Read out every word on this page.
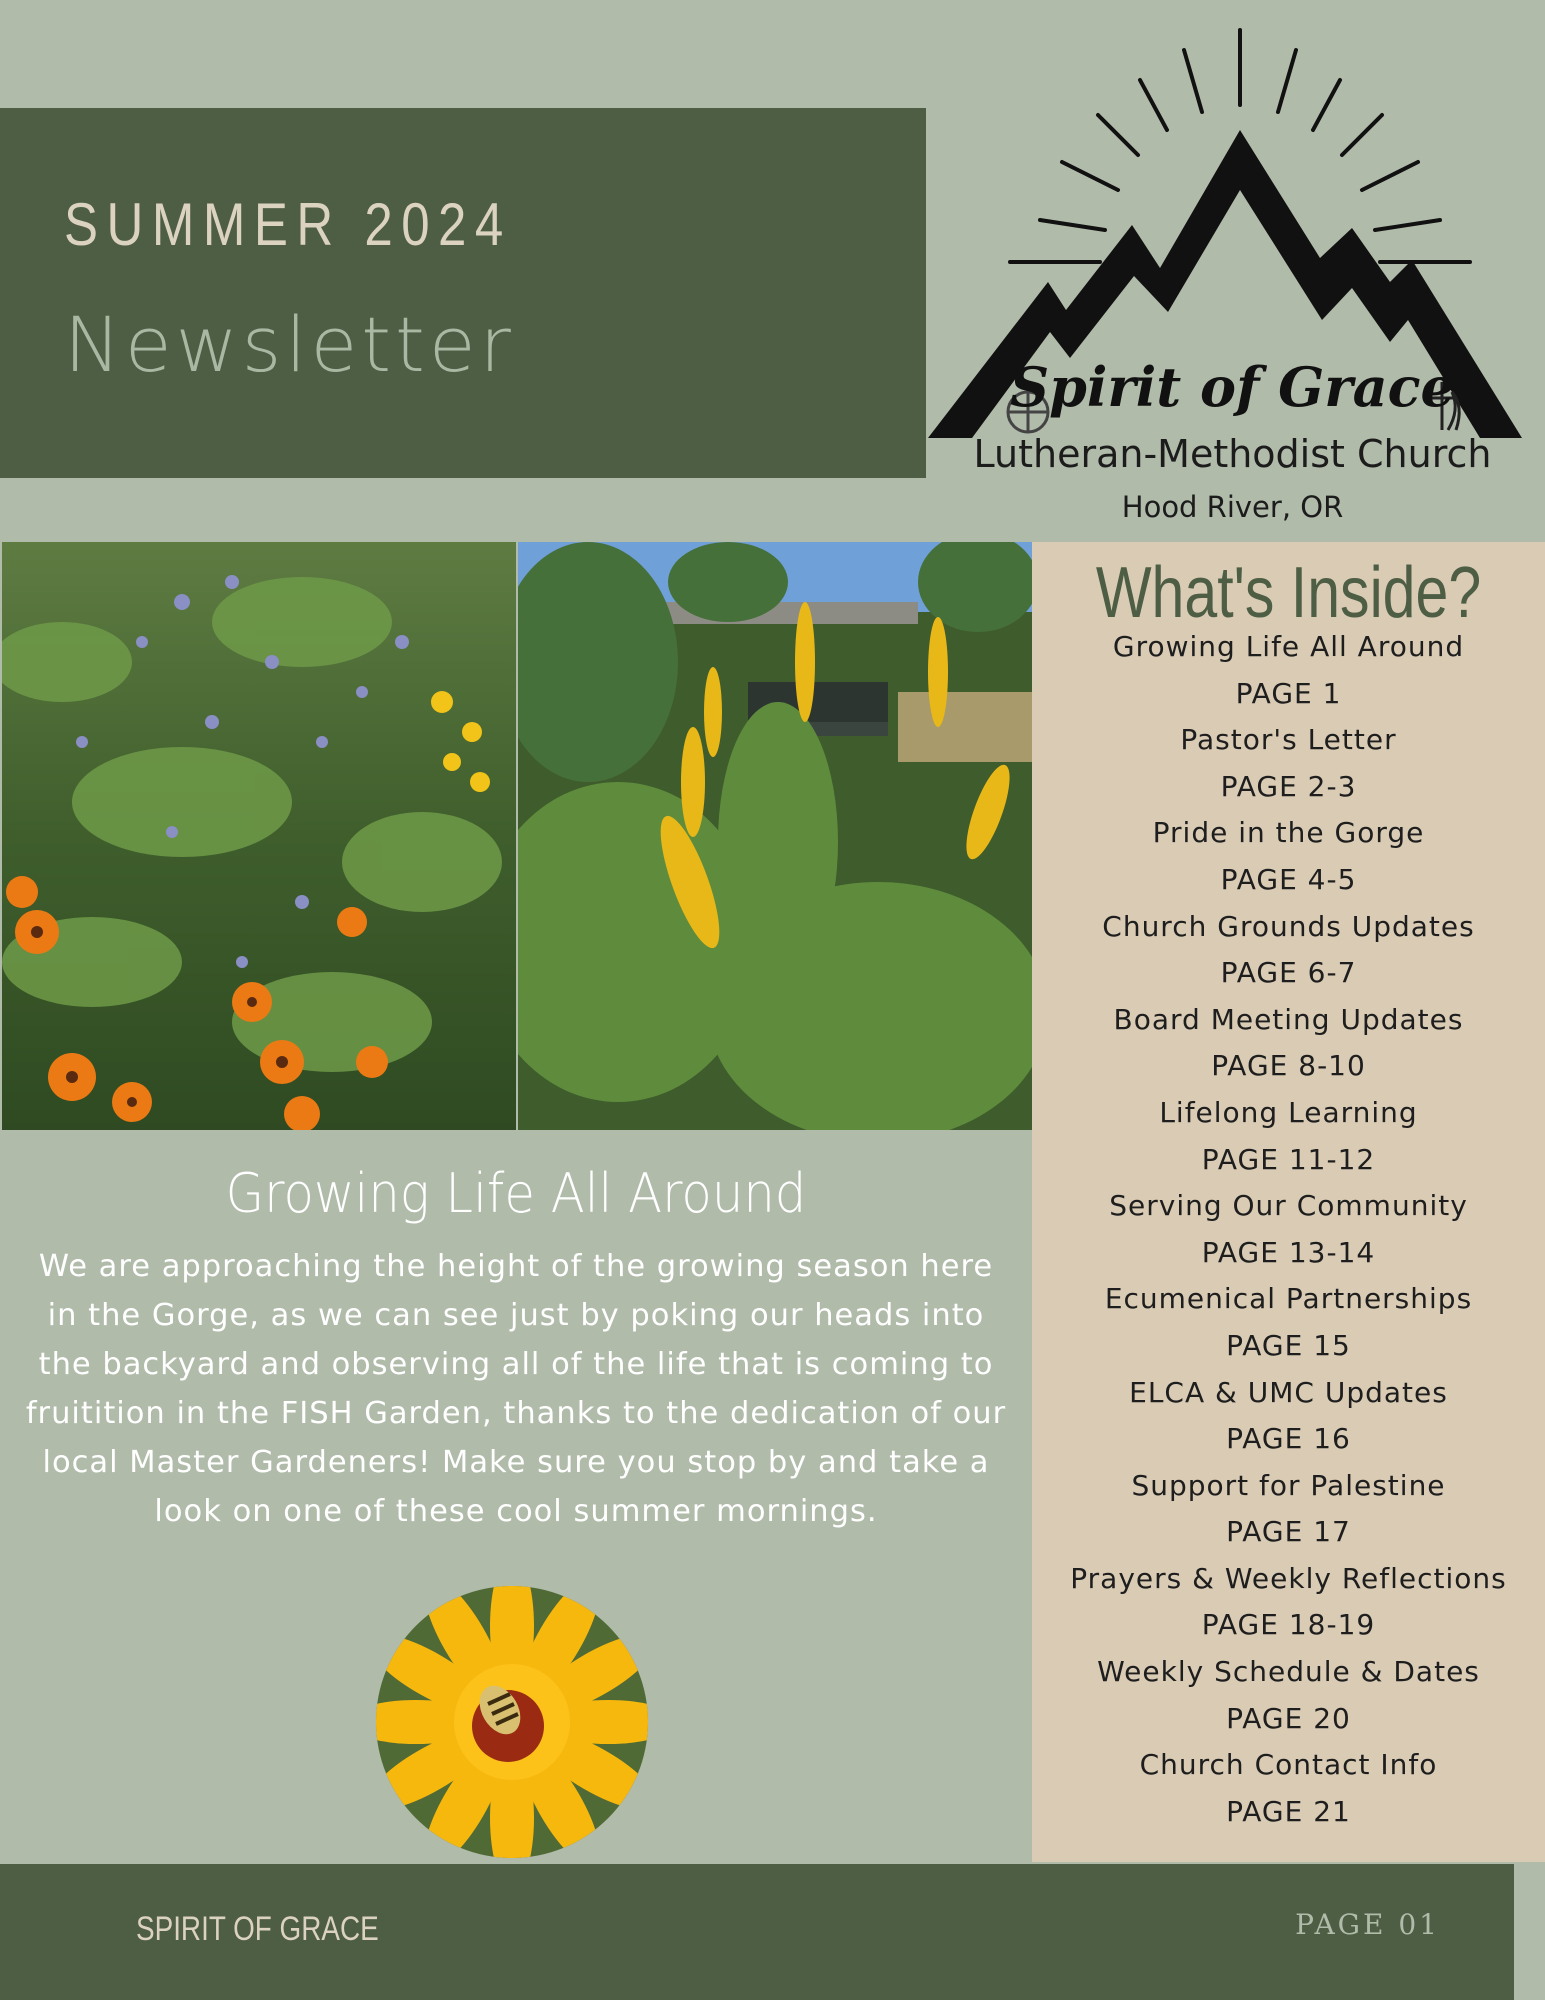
SUMMER 2024
Newsletter	Spirit of Grace
Lutheran-Methodist Church
Hood River, OR
What's Inside?
Growing Life All Around
PAGE 1
Pastor's Letter
PAGE 2-3
Pride in the Gorge
PAGE 4-5
Church Grounds Updates
PAGE 6-7
Board Meeting Updates
PAGE 8-10
Lifelong Learning
PAGE 11-12
Serving Our Community
PAGE 13-14
Ecumenical Partnerships
PAGE 15
ELCA & UMC Updates
PAGE 16
Support for Palestine
PAGE 17
Prayers & Weekly Reflections
PAGE 18-19
Weekly Schedule & Dates
PAGE 20
Church Contact Info
PAGE 21
Growing Life All Around
We are approaching the height of the growing season here in the Gorge, as we can see just by poking our heads into the backyard and observing all of the life that is coming to fruitition in the FISH Garden, thanks to the dedication of our local Master Gardeners! Make sure you stop by and take a look on one of these cool summer mornings.
SPIRIT OF GRACE	PAGE 01
